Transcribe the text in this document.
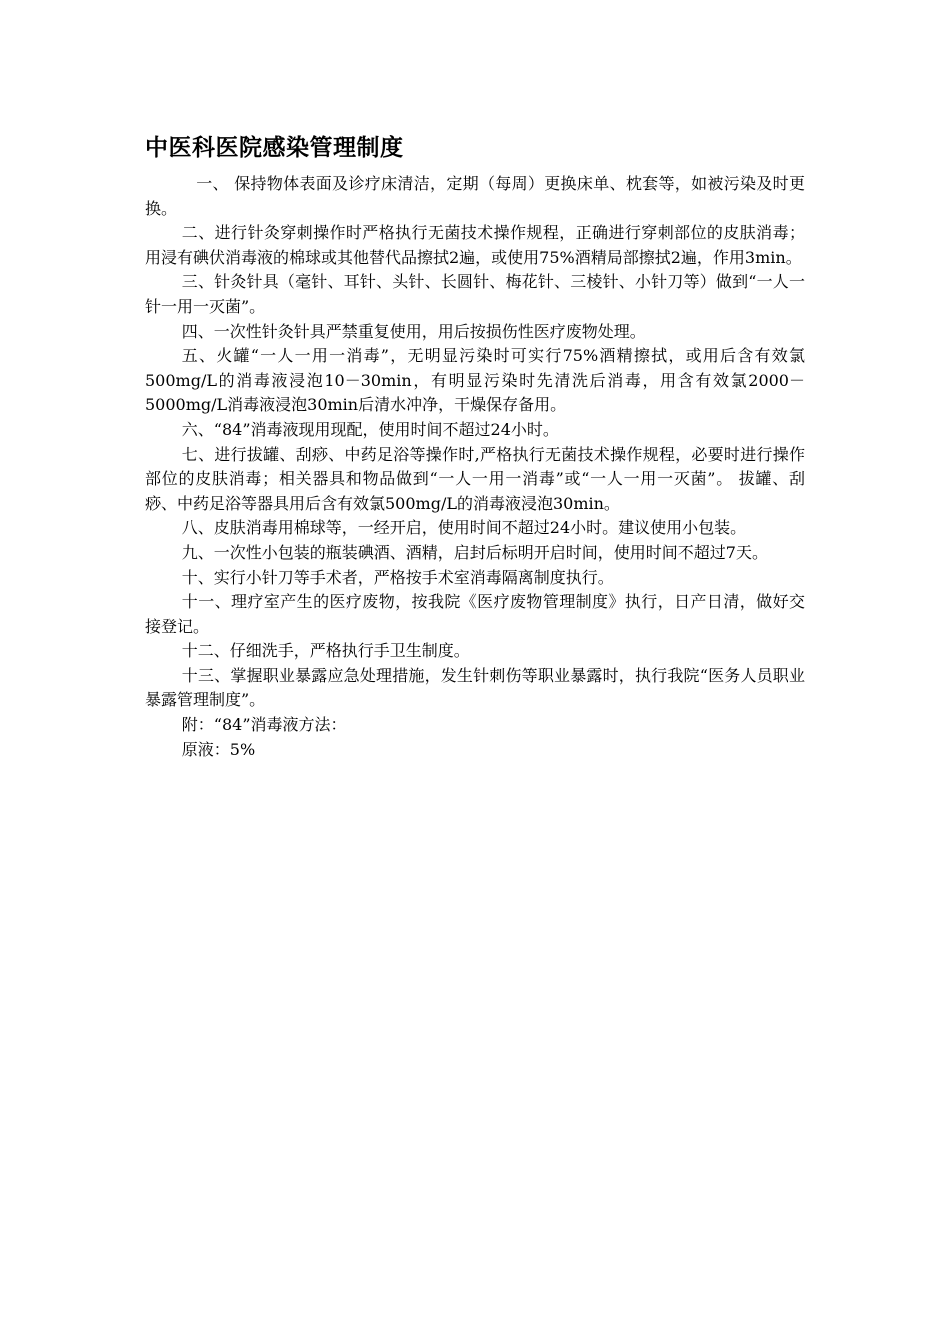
中医科医院感染管理制度

一、 保持物体表面及诊疗床清洁，定期（每周）更换床单、枕套等，如被污染及时更换。

二、进行针灸穿刺操作时严格执行无菌技术操作规程，正确进行穿刺部位的皮肤消毒；用浸有碘伏消毒液的棉球或其他替代品擦拭2遍，或使用75%酒精局部擦拭2遍，作用3min。

三、针灸针具（毫针、耳针、头针、长圆针、梅花针、三棱针、小针刀等）做到“一人一针一用一灭菌”。

四、一次性针灸针具严禁重复使用，用后按损伤性医疗废物处理。

五、火罐“一人一用一消毒”，无明显污染时可实行75%酒精擦拭，或用后含有效氯500mg/L的消毒液浸泡10－30min，有明显污染时先清洗后消毒，用含有效氯2000－5000mg/L消毒液浸泡30min后清水冲净，干燥保存备用。

六、“84”消毒液现用现配，使用时间不超过24小时。

七、进行拔罐、刮痧、中药足浴等操作时,严格执行无菌技术操作规程，必要时进行操作部位的皮肤消毒；相关器具和物品做到“一人一用一消毒”或“一人一用一灭菌”。 拔罐、刮痧、中药足浴等器具用后含有效氯500mg/L的消毒液浸泡30min。

八、皮肤消毒用棉球等，一经开启，使用时间不超过24小时。建议使用小包装。

九、一次性小包装的瓶装碘酒、酒精，启封后标明开启时间，使用时间不超过7天。

十、实行小针刀等手术者，严格按手术室消毒隔离制度执行。

十一、理疗室产生的医疗废物，按我院《医疗废物管理制度》执行，日产日清，做好交接登记。

十二、仔细洗手，严格执行手卫生制度。

十三、掌握职业暴露应急处理措施，发生针刺伤等职业暴露时，执行我院“医务人员职业暴露管理制度”。

附：“84”消毒液方法：

原液：5%
